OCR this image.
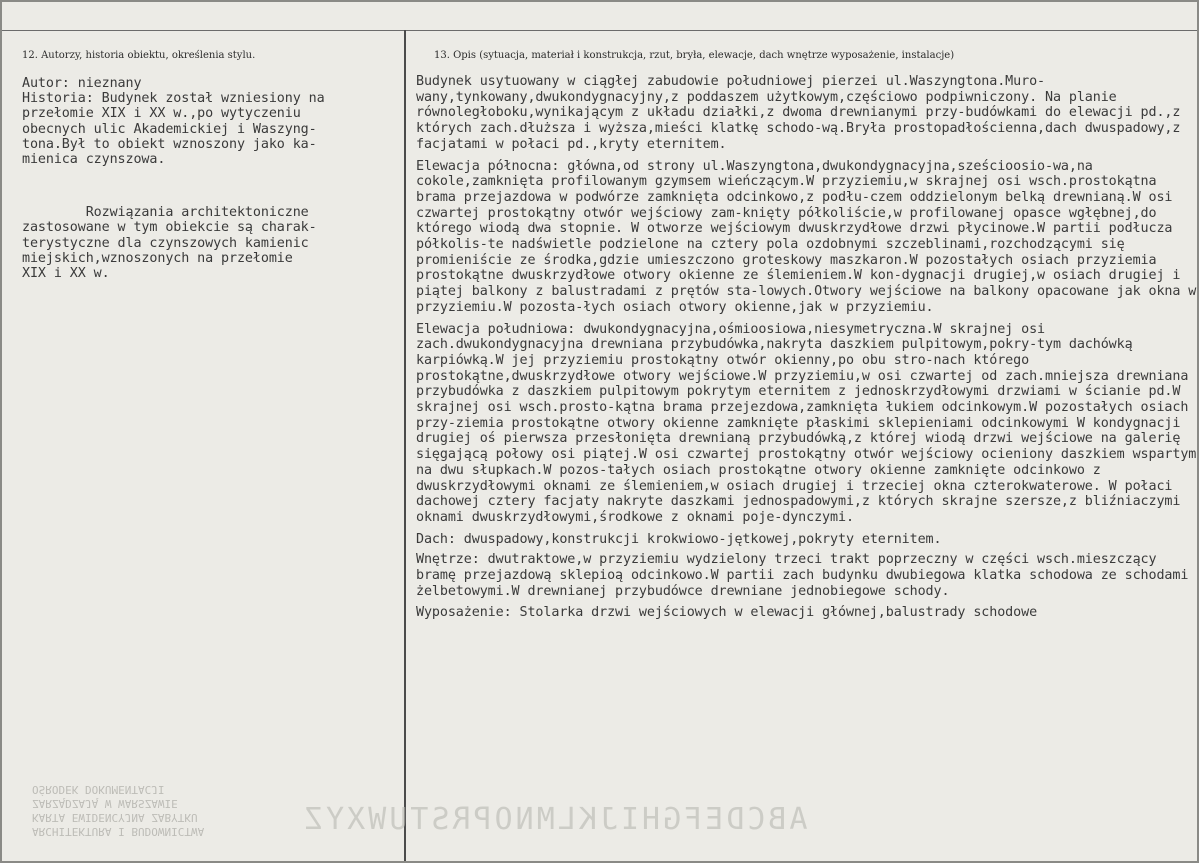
12. Autorzy, historia obiektu, określenia stylu.	13. Opis (sytuacja, materiał i konstrukcja, rzut, bryła, elewacje, dach wnętrze wyposażenie, instalacje)
Autor: nieznany
Historia: Budynek został wzniesiony na
przełomie XIX i XX w.,po wytyczeniu
obecnych ulic Akademickiej i Waszyng-
tona.Był to obiekt wznoszony jako ka-
mienica czynszowa.
Rozwiązania architektoniczne
zastosowane w tym obiekcie są charak-
terystyczne dla czynszowych kamienic
miejskich,wznoszonych na przełomie
XIX i XX w.

Budynek usytuowany w ciągłej zabudowie południowej pierzei ul.Waszyngtona.Muro-wany,tynkowany,dwukondygnacyjny,z poddaszem użytkowym,częściowo podpiwniczony. Na planie równoległoboku,wynikającym z układu działki,z dwoma drewnianymi przy-budówkami do elewacji pd.,z których zach.dłuższa i wyższa,mieści klatkę schodo-wą.Bryła prostopadłościenna,dach dwuspadowy,z facjatami w połaci pd.,kryty eternitem.

Elewacja północna: główna,od strony ul.Waszyngtona,dwukondygnacyjna,sześcioosio-wa,na cokole,zamknięta profilowanym gzymsem wieńczącym.W przyziemiu,w skrajnej osi wsch.prostokątna brama przejazdowa w podwórze zamknięta odcinkowo,z podłu-czem oddzielonym belką drewnianą.W osi czwartej prostokątny otwór wejściowy zam-knięty półkoliście,w profilowanej opasce wgłębnej,do którego wiodą dwa stopnie. W otworze wejściowym dwuskrzydłowe drzwi płycinowe.W partii podłucza półkolis-te nadświetle podzielone na cztery pola ozdobnymi szczeblinami,rozchodzącymi się promieniście ze środka,gdzie umieszczono groteskowy maszkaron.W pozostałych osiach przyziemia prostokątne dwuskrzydłowe otwory okienne ze ślemieniem.W kon-dygnacji drugiej,w osiach drugiej i piątej balkony z balustradami z prętów sta-lowych.Otwory wejściowe na balkony opacowane jak okna w przyziemiu.W pozosta-łych osiach otwory okienne,jak w przyziemiu.

Elewacja południowa: dwukondygnacyjna,ośmioosiowa,niesymetryczna.W skrajnej osi zach.dwukondygnacyjna drewniana przybudówka,nakryta daszkiem pulpitowym,pokry-tym dachówką karpiówką.W jej przyziemiu prostokątny otwór okienny,po obu stro-nach którego prostokątne,dwuskrzydłowe otwory wejściowe.W przyziemiu,w osi czwartej od zach.mniejsza drewniana przybudówka z daszkiem pulpitowym pokrytym eternitem z jednoskrzydłowymi drzwiami w ścianie pd.W skrajnej osi wsch.prosto-kątna brama przejezdowa,zamknięta łukiem odcinkowym.W pozostałych osiach przy-ziemia prostokątne otwory okienne zamknięte płaskimi sklepieniami odcinkowymi W kondygnacji drugiej oś pierwsza przesłonięta drewnianą przybudówką,z której wiodą drzwi wejściowe na galerię sięgającą połowy osi piątej.W osi czwartej prostokątny otwór wejściowy ocieniony daszkiem wspartym na dwu słupkach.W pozos-tałych osiach prostokątne otwory okienne zamknięte odcinkowo z dwuskrzydłowymi oknami ze ślemieniem,w osiach drugiej i trzeciej okna czterokwaterowe. W połaci dachowej cztery facjaty nakryte daszkami jednospadowymi,z których skrajne szersze,z bliźniaczymi oknami dwuskrzydłowymi,środkowe z oknami poje-dynczymi.

Dach: dwuspadowy,konstrukcji krokwiowo-jętkowej,pokryty eternitem.

Wnętrze: dwutraktowe,w przyziemiu wydzielony trzeci trakt poprzeczny w części wsch.mieszczący bramę przejazdową sklepioą odcinkowo.W partii zach budynku dwubiegowa klatka schodowa ze schodami żelbetowymi.W drewnianej przybudówce drewniane jednobiegowe schody.

Wyposażenie: Stolarka drzwi wejściowych w elewacji głównej,balustrady schodowe

ARCHITEKTURA I BUDOWNICTWA
KARTA EWIDENCYJNA ZABYTKU
ZARZĄDZAJĄ W WARSZAWIE
OŚRODEK DOKUMENTACJI
ABCDEFGHIJKLMNOPRSTUWXYZ
